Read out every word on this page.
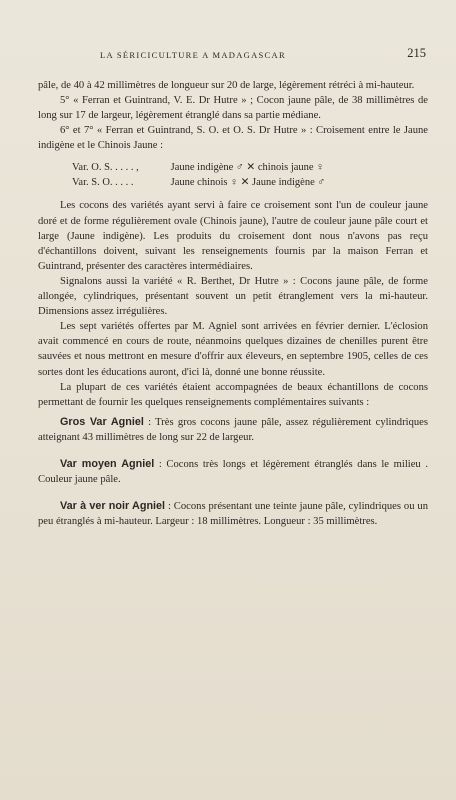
LA SÉRICICULTURE A MADAGASCAR	215

pâle, de 40 à 42 millimètres de longueur sur 20 de large, légèrement rétréci à mi-hauteur.

5° « Ferran et Guintrand, V. E. Dr Hutre » ; Cocon jaune pâle, de 38 millimètres de long sur 17 de largeur, légèrement étranglé dans sa partie médiane.

6° et 7° « Ferran et Guintrand, S. O. et O. S. Dr Hutre » : Croisement entre le Jaune indigène et le Chinois Jaune :

Var. O. S. . . . . ,	Jaune indigène ♂ ✕ chinois jaune ♀
Var. S. O. . . . .	Jaune chinois ♀ ✕ Jaune indigène ♂

Les cocons des variétés ayant servi à faire ce croisement sont l'un de couleur jaune doré et de forme régulièrement ovale (Chinois jaune), l'autre de couleur jaune pâle court et large (Jaune indigène). Les produits du croisement dont nous n'avons pas reçu d'échantillons doivent, suivant les renseignements fournis par la maison Ferran et Guintrand, présenter des caractères intermédiaires.

Signalons aussi la variété « R. Berthet, Dr Hutre » : Cocons jaune pâle, de forme allongée, cylindriques, présentant souvent un petit étranglement vers la mi-hauteur. Dimensions assez irrégulières.

Les sept variétés offertes par M. Agniel sont arrivées en février dernier. L'éclosion avait commencé en cours de route, néanmoins quelques dizaines de chenilles purent être sauvées et nous mettront en mesure d'offrir aux éleveurs, en septembre 1905, celles de ces sortes dont les éducations auront, d'ici là, donné une bonne réussite.

La plupart de ces variétés étaient accompagnées de beaux échantillons de cocons permettant de fournir les quelques renseignements complémentaires suivants :

Gros Var Agniel : Très gros cocons jaune pâle, assez régulièrement cylindriques atteignant 43 millimètres de long sur 22 de largeur.

Var moyen Agniel : Cocons très longs et légèrement étranglés dans le milieu . Couleur jaune pâle.

Var à ver noir Agniel : Cocons présentant une teinte jaune pâle, cylindriques ou un peu étranglés à mi-hauteur. Largeur : 18 millimètres. Longueur : 35 millimètres.
